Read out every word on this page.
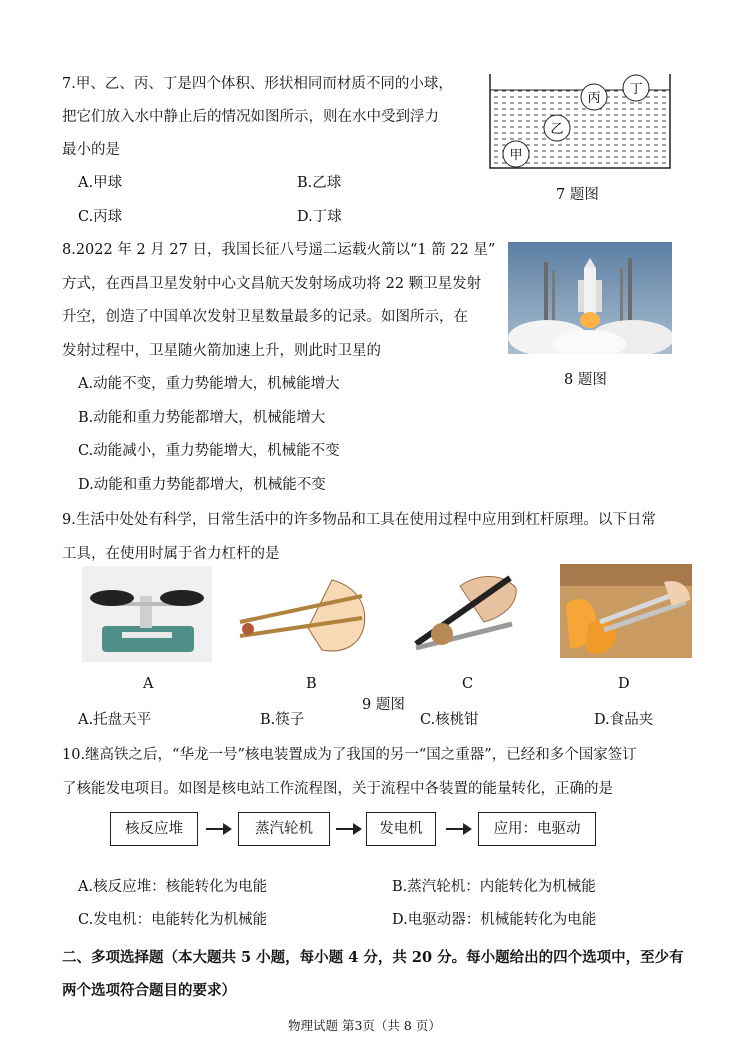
7.甲、乙、丙、丁是四个体积、形状相同而材质不同的小球，
把它们放入水中静止后的情况如图所示，则在水中受到浮力
最小的是
A.甲球	B.乙球
C.丙球	D.丁球
丁
丙
乙
甲
7 题图
8.2022 年 2 月 27 日，我国长征八号遥二运载火箭以“1 箭 22 星”
方式，在西昌卫星发射中心文昌航天发射场成功将 22 颗卫星发射
升空，创造了中国单次发射卫星数量最多的记录。如图所示，在
发射过程中，卫星随火箭加速上升，则此时卫星的
A.动能不变，重力势能增大，机械能增大
B.动能和重力势能都增大，机械能增大
C.动能减小，重力势能增大，机械能不变
D.动能和重力势能都增大，机械能不变
8 题图
9.生活中处处有科学，日常生活中的许多物品和工具在使用过程中应用到杠杆原理。以下日常
工具，在使用时属于省力杠杆的是
A	B	C	D
9 题图
A.托盘天平	B.筷子	C.核桃钳	D.食品夹
10.继高铁之后，“华龙一号”核电装置成为了我国的另一“国之重器”，已经和多个国家签订
了核能发电项目。如图是核电站工作流程图，关于流程中各装置的能量转化，正确的是
核反应堆	蒸汽轮机	发电机	应用：电驱动
A.核反应堆：核能转化为电能	B.蒸汽轮机：内能转化为机械能
C.发电机：电能转化为机械能	D.电驱动器：机械能转化为电能
二、多项选择题（本大题共 5 小题，每小题 4 分，共 20 分。每小题给出的四个选项中，至少有
两个选项符合题目的要求）
物理试题 第3页（共 8 页）
